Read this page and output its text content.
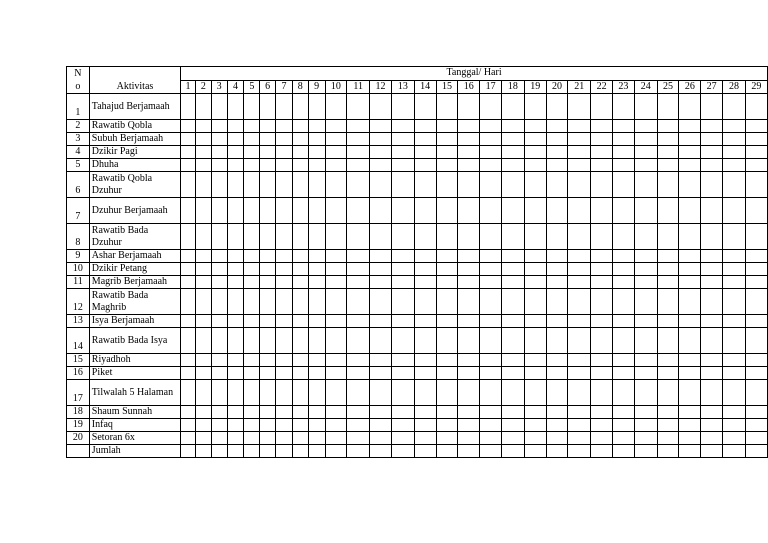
No	Aktivitas	Tanggal/ Hari																												
		1	2	3	4	5	6	7	8	9	10	11	12	13	14	15	16	17	18	19	20	21	22	23	24	25	26	27	28	29
1	Tahajud Berjamaah																													
2	Rawatib Qobla																													
3	Subuh Berjamaah																													
4	Dzikir Pagi																													
5	Dhuha																													
6	Rawatib Qobla Dzuhur																													
7	Dzuhur Berjamaah																													
8	Rawatib Bada Dzuhur																													
9	Ashar Berjamaah																													
10	Dzikir Petang																													
11	Magrib Berjamaah																													
12	Rawatib Bada Maghrib																													
13	Isya Berjamaah																													
14	Rawatib Bada Isya																													
15	Riyadhoh																													
16	Piket																													
17	Tilwalah 5 Halaman																													
18	Shaum Sunnah																													
19	Infaq																													
20	Setoran 6x																													
	Jumlah																													
